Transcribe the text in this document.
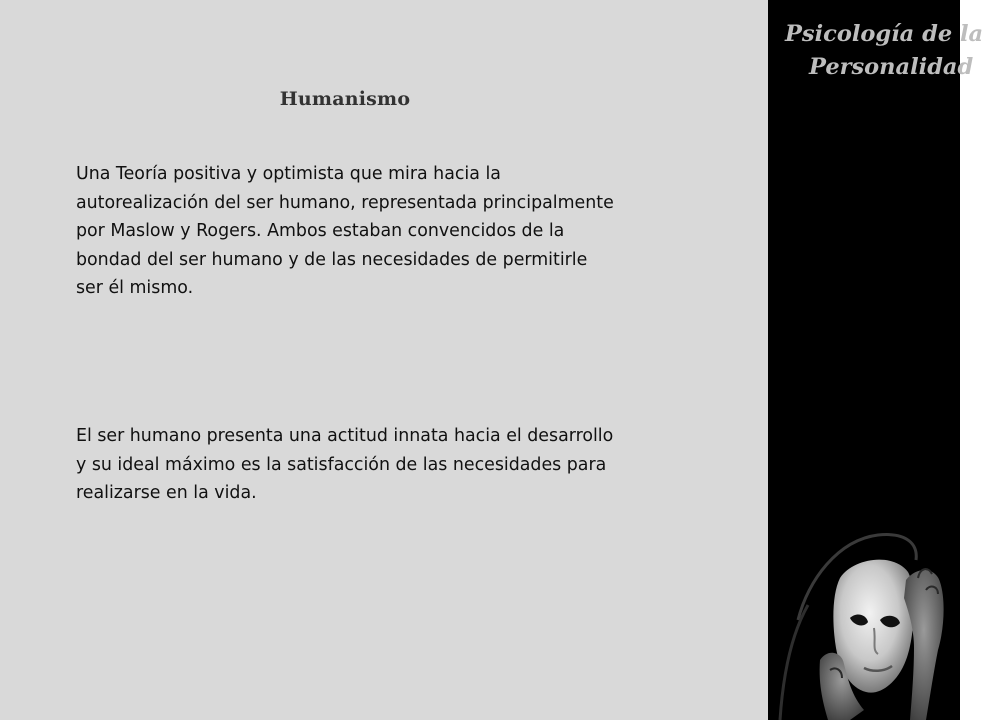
Humanismo

Una Teoría positiva y optimista que mira hacia la autorealización del ser humano, representada principalmente por Maslow y Rogers. Ambos estaban convencidos de la bondad del ser humano y de las necesidades de permitirle ser él mismo.

El ser humano presenta una actitud innata hacia el desarrollo y su ideal máximo es la satisfacción de las necesidades para realizarse en la vida.

Psicología de la
Personalidad
